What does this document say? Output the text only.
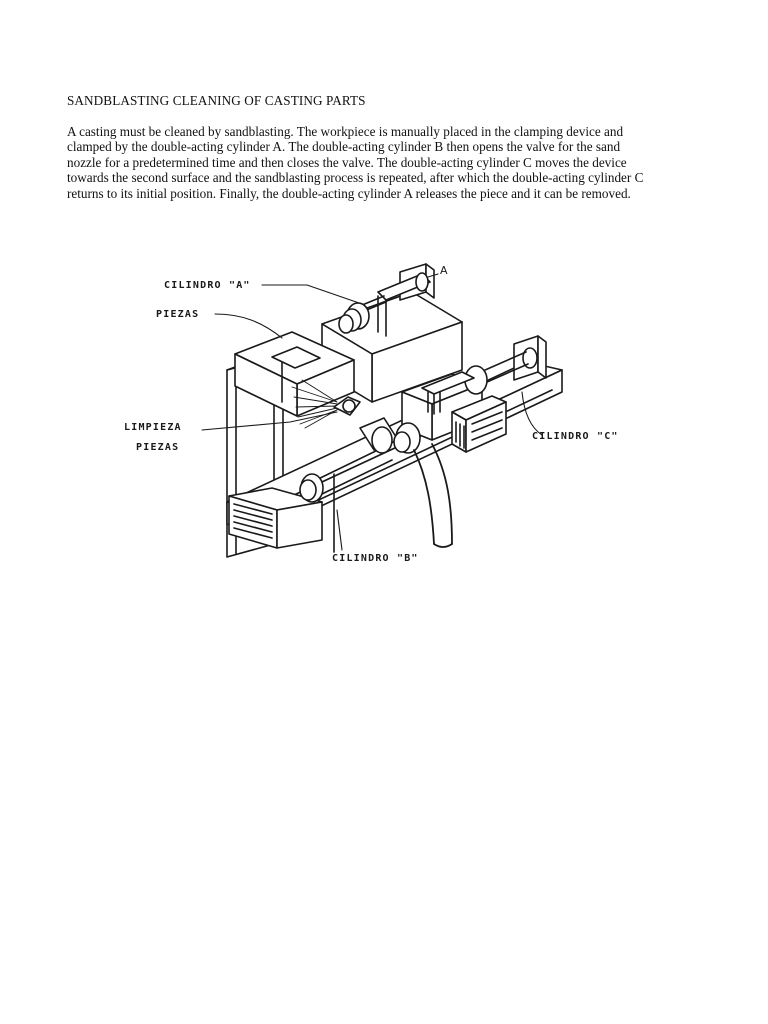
SANDBLASTING CLEANING OF CASTING PARTS
A casting must be cleaned by sandblasting. The workpiece is manually placed in the clamping device and
clamped by the double-acting cylinder A. The double-acting cylinder B then opens the valve for the sand
nozzle for a predetermined time and then closes the valve. The double-acting cylinder C moves the device
towards the second surface and the sandblasting process is repeated, after which the double-acting cylinder C
returns to its initial position. Finally, the double-acting cylinder A releases the piece and it can be removed.
CILINDRO "A"
A
PIEZAS
LIMPIEZA
PIEZAS
CILINDRO "C"
CILINDRO "B"
